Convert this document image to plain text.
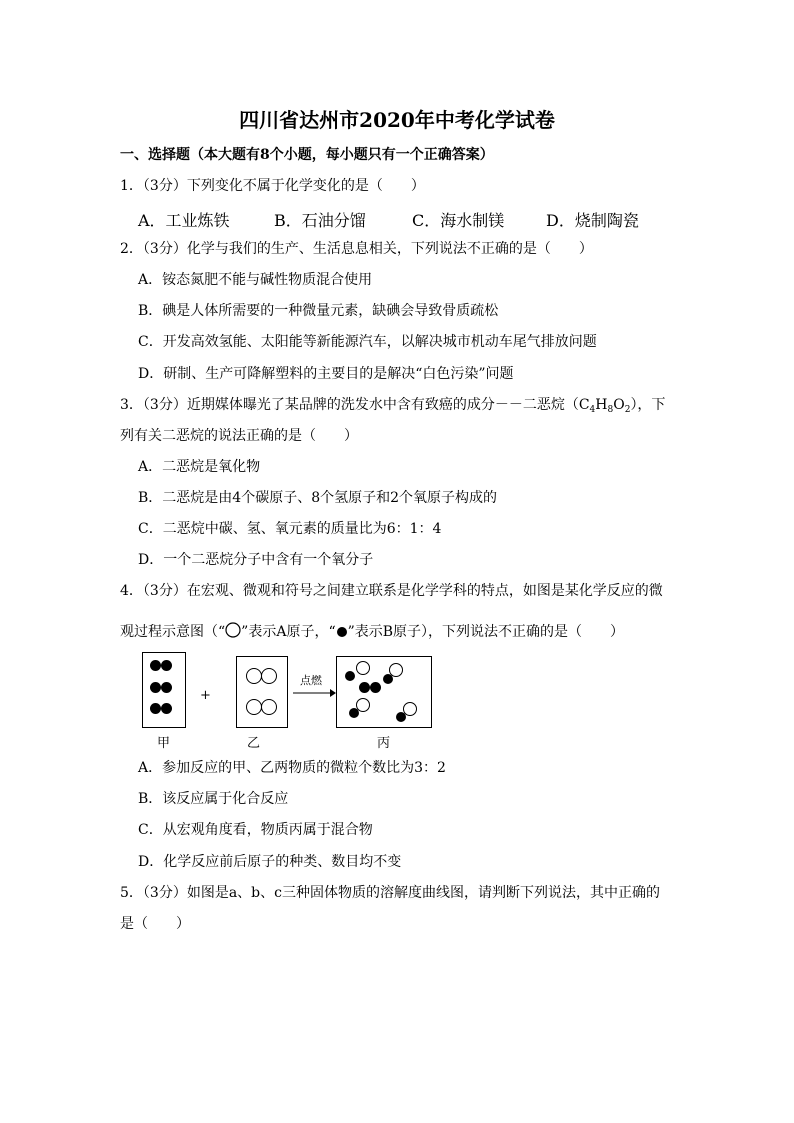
四川省达州市2020年中考化学试卷
一、选择题（本大题有8个小题，每小题只有一个正确答案）
1．（3分）下列变化不属于化学变化的是（　　）
A．工业炼铁	B．石油分馏	C．海水制镁	D．烧制陶瓷
2．（3分）化学与我们的生产、生活息息相关，下列说法不正确的是（　　）
A．铵态氮肥不能与碱性物质混合使用
B．碘是人体所需要的一种微量元素，缺碘会导致骨质疏松
C．开发高效氢能、太阳能等新能源汽车，以解决城市机动车尾气排放问题
D．研制、生产可降解塑料的主要目的是解决“白色污染”问题
3．（3分）近期媒体曝光了某品牌的洗发水中含有致癌的成分－－二恶烷$(C_4H_8O_2)$，下
列有关二恶烷的说法正确的是（　　）
A．二恶烷是氧化物
B．二恶烷是由4个碳原子、8个氢原子和2个氧原子构成的
C．二恶烷中碳、氢、氧元素的质量比为6：1：4
D．一个二恶烷分子中含有一个氧分子
4．（3分）在宏观、微观和符号之间建立联系是化学学科的特点，如图是某化学反应的微
观过程示意图（“ ”表示A原子，“ ”表示B原子），下列说法不正确的是（　　）
+
点燃
甲	乙	丙
A．参加反应的甲、乙两物质的微粒个数比为3：2
B．该反应属于化合反应
C．从宏观角度看，物质丙属于混合物
D．化学反应前后原子的种类、数目均不变
5．（3分）如图是a、b、c三种固体物质的溶解度曲线图，请判断下列说法，其中正确的
是（　　）
